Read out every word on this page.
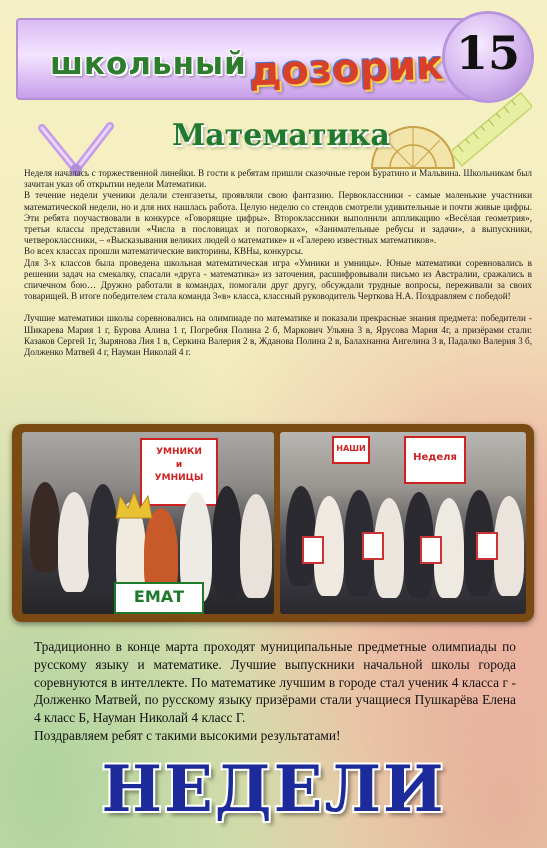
школьный дозорик 15
Математика

Неделя началась с торжественной линейки. В гости к ребятам пришли сказочные герои Буратино и Мальвина. Школьникам был зачитан указ об открытии недели Математики.

В течение недели ученики делали стенгазеты, проявляли свою фантазию. Первоклассники - самые маленькие участники математической недели, но и для них нашлась работа. Целую неделю со стендов смотрели удивительные и почти живые цифры. Эти ребята поучаствовали в конкурсе «Говорящие цифры». Второклассники выполнили аппликацию «Весёлая геометрия», третьи классы представили «Числа в пословицах и поговорках», «Занимательные ребусы и задачи», а выпускники, четвероклассники, – «Высказывания великих людей о математике» и «Галерею известных математиков».

Во всех классах прошли математические викторины, КВНы, конкурсы.

Для 3-х классов была проведена школьная математическая игра «Умники и умницы». Юные математики соревновались в решении задач на смекалку, спасали «друга - математика» из заточения, расшифровывали письмо из Австралии, сражались в спичечном бою… Дружно работали в командах, помогали друг другу, обсуждали трудные вопросы, переживали за своих товарищей. В итоге победителем стала команда 3«в» класса, классный руководитель Черткова Н.А. Поздравляем с победой!

Лучшие математики школы соревновались на олимпиаде по математике и показали прекрасные знания предмета: победители - Шикарева Мария 1 г, Бурова Алина 1 г, Погребня Полина 2 б, Маркович Ульяна 3 в, Ярусова Мария 4г, а призёрами стали: Казаков Сергей 1г, Зырянова Лия 1 в, Серкина Валерия 2 в, Жданова Полина 2 в, Балахнанна Ангелина 3 в, Падалко Валерия 3 б, Долженко Матвей 4 г, Науман Николай 4 г.

УМНИКИ
и
УМНИЦЫ
ЕМАТ
НАШИ
Неделя

Традиционно в конце марта проходят муниципальные предметные олимпиады по русскому языку и математике. Лучшие выпускники начальной школы города соревнуются в интеллекте. По математике лучшим в городе стал ученик 4 класса г - Долженко Матвей, по русскому языку призёрами стали учащиеся Пушкарёва Елена 4 класс Б, Науман Николай 4 класс Г.

Поздравляем ребят с такими высокими результатами!

НЕДЕЛИ
